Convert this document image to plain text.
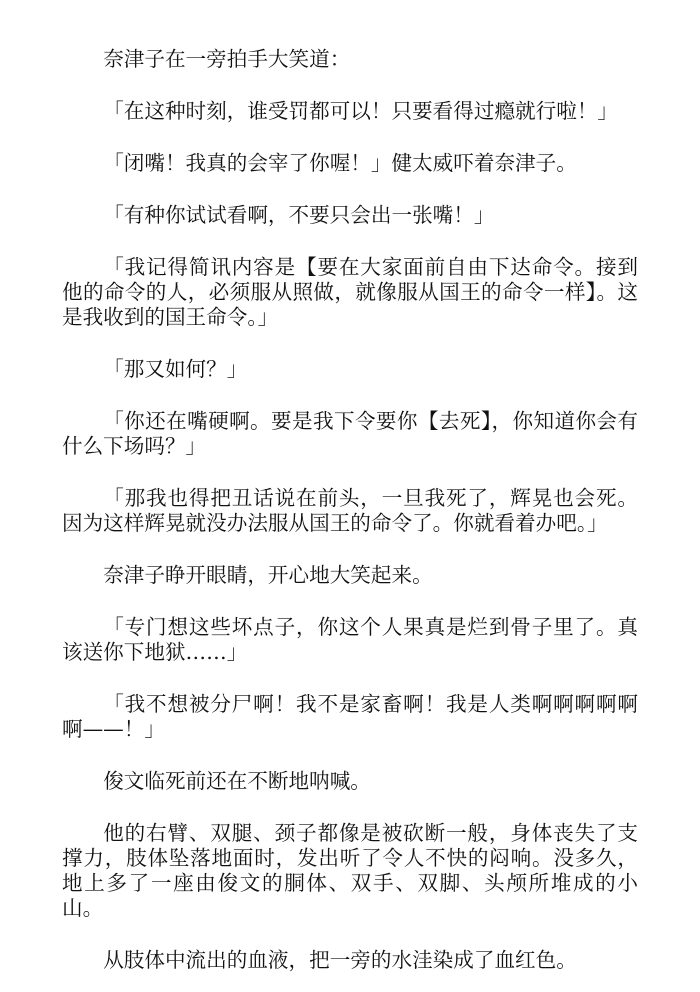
奈津子在一旁拍手大笑道：

「在这种时刻，谁受罚都可以！只要看得过瘾就行啦！」

「闭嘴！我真的会宰了你喔！」健太威吓着奈津子。

「有种你试试看啊，不要只会出一张嘴！」

「我记得简讯内容是【要在大家面前自由下达命令。接到他的命令的人，必须服从照做，就像服从国王的命令一样】。这是我收到的国王命令。」

「那又如何？」

「你还在嘴硬啊。要是我下令要你【去死】，你知道你会有什么下场吗？」

「那我也得把丑话说在前头，一旦我死了，辉晃也会死。因为这样辉晃就没办法服从国王的命令了。你就看着办吧。」

奈津子睁开眼睛，开心地大笑起来。

「专门想这些坏点子，你这个人果真是烂到骨子里了。真该送你下地狱……」

「我不想被分尸啊！我不是家畜啊！我是人类啊啊啊啊啊啊——！」

俊文临死前还在不断地呐喊。

他的右臂、双腿、颈子都像是被砍断一般，身体丧失了支撑力，肢体坠落地面时，发出听了令人不快的闷响。没多久，地上多了一座由俊文的胴体、双手、双脚、头颅所堆成的小山。

从肢体中流出的血液，把一旁的水洼染成了血红色。
